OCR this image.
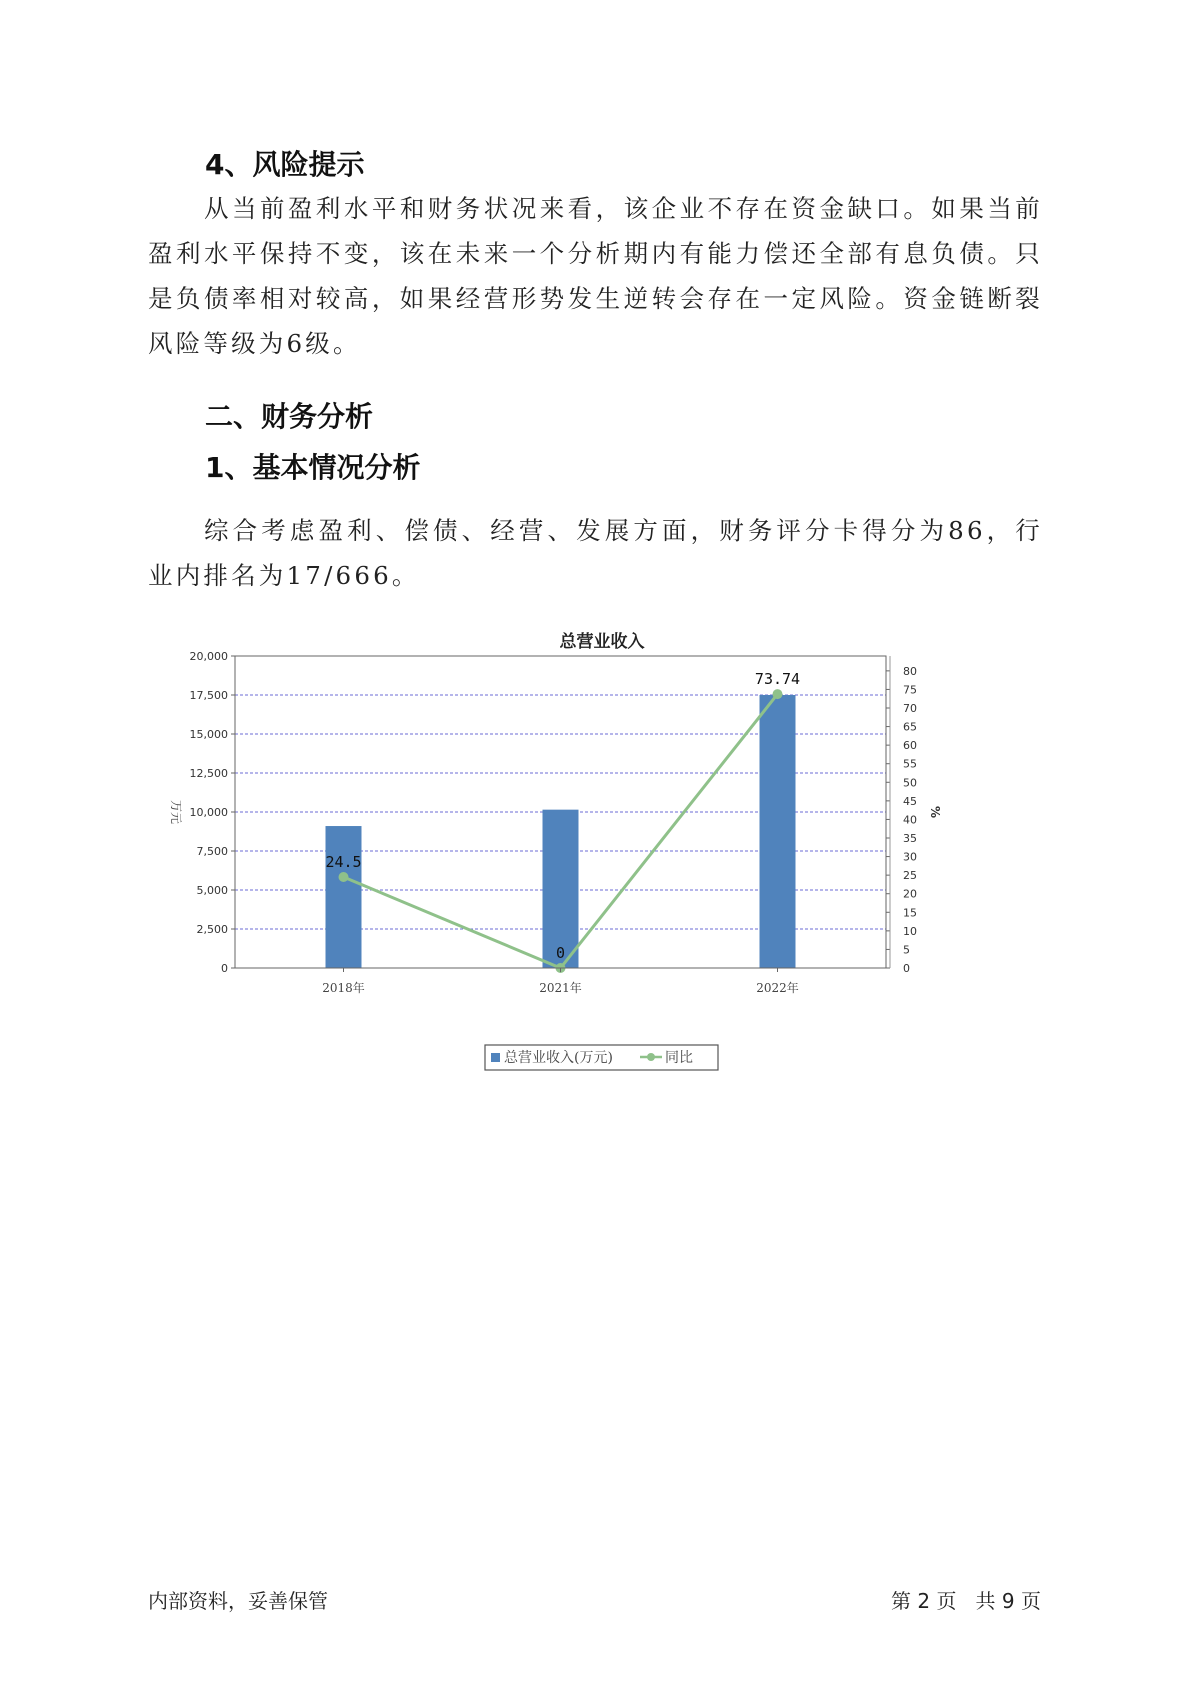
4、风险提示

从当前盈利水平和财务状况来看，该企业不存在资金缺口。如果当前盈利水平保持不变，该在未来一个分析期内有能力偿还全部有息负债。只是负债率相对较高，如果经营形势发生逆转会存在一定风险。资金链断裂风险等级为6级。

二、财务分析
1、基本情况分析

综合考虑盈利、偿债、经营、发展方面，财务评分卡得分为86，行业内排名为17/666。

总营业收入
0
2,500
5,000
7,500
10,000
12,500
15,000
17,500
20,000
0
5
10
15
20
25
30
35
40
45
50
55
60
65
70
75
80
万元	%
2018年	2021年	2022年
24.5
0
73.74
总营业收入(万元)	同比
内部资料，妥善保管	第 2 页   共 9 页
